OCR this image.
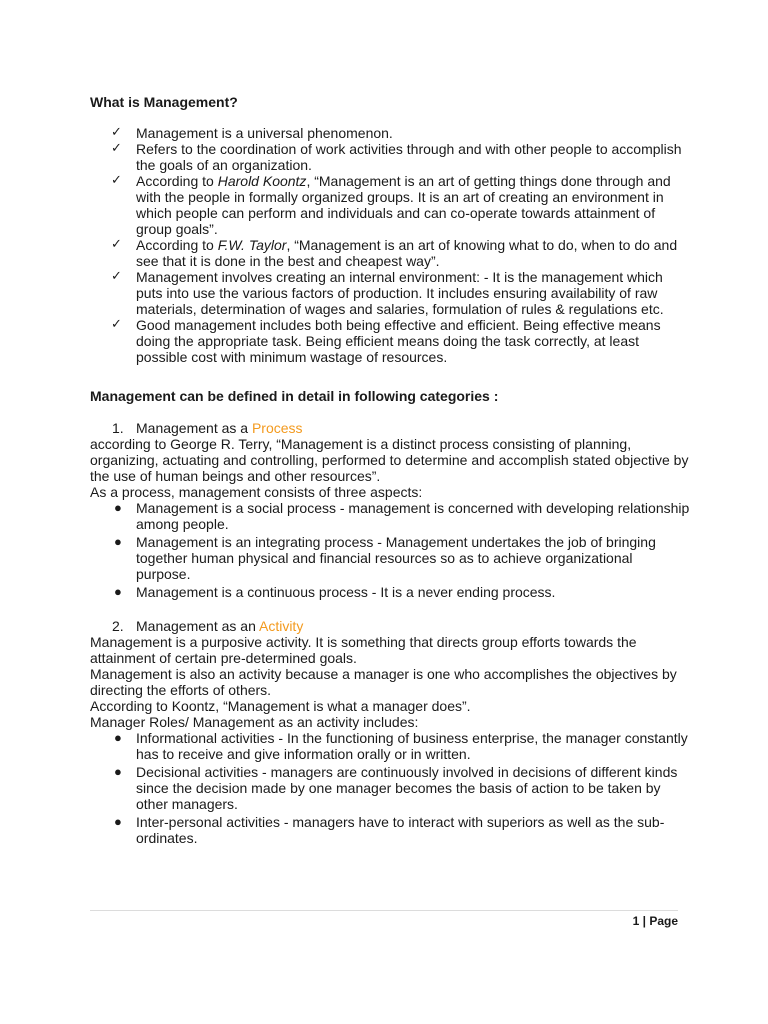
What is Management?
✓ Management is a universal phenomenon.
✓ Refers to the coordination of work activities through and with other people to accomplish the goals of an organization.
✓ According to Harold Koontz, “Management is an art of getting things done through and with the people in formally organized groups. It is an art of creating an environment in which people can perform and individuals and can co-operate towards attainment of group goals”.
✓ According to F.W. Taylor, “Management is an art of knowing what to do, when to do and see that it is done in the best and cheapest way”.
✓ Management involves creating an internal environment: - It is the management which puts into use the various factors of production. It includes ensuring availability of raw materials, determination of wages and salaries, formulation of rules & regulations etc.
✓ Good management includes both being effective and efficient. Being effective means doing the appropriate task. Being efficient means doing the task correctly, at least possible cost with minimum wastage of resources.
Management can be defined in detail in following categories :
1. Management as a Process

according to George R. Terry, “Management is a distinct process consisting of planning, organizing, actuating and controlling, performed to determine and accomplish stated objective by the use of human beings and other resources”.

As a process, management consists of three aspects:

● Management is a social process - management is concerned with developing relationship among people.
● Management is an integrating process - Management undertakes the job of bringing together human physical and financial resources so as to achieve organizational purpose.
● Management is a continuous process - It is a never ending process.
2. Management as an Activity

Management is a purposive activity. It is something that directs group efforts towards the attainment of certain pre-determined goals.

Management is also an activity because a manager is one who accomplishes the objectives by directing the efforts of others.

According to Koontz, “Management is what a manager does”.

Manager Roles/ Management as an activity includes:

● Informational activities - In the functioning of business enterprise, the manager constantly has to receive and give information orally or in written.
● Decisional activities - managers are continuously involved in decisions of different kinds since the decision made by one manager becomes the basis of action to be taken by other managers.
● Inter-personal activities - managers have to interact with superiors as well as the sub-ordinates.
1 | Page
